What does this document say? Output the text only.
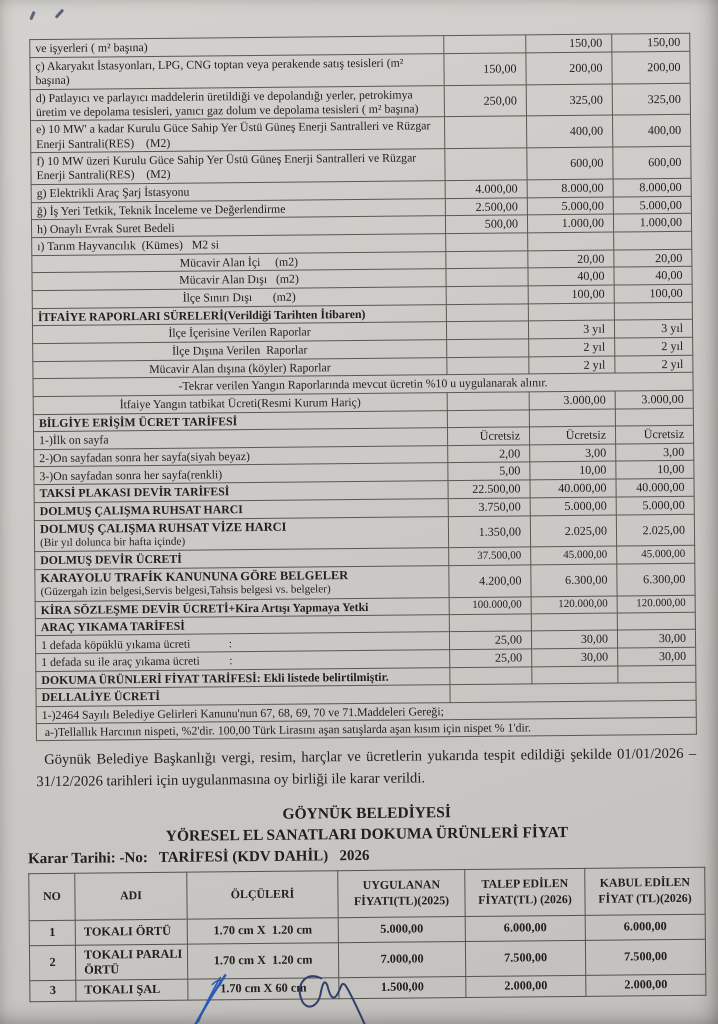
ve işyerleri ( m² başına)		150,00	150,00
ç) Akaryakıt İstasyonları, LPG, CNG toptan veya perakende satış tesisleri (m² başına)	150,00	200,00	200,00
d) Patlayıcı ve parlayıcı maddelerin üretildiği ve depolandığı yerler, petrokimya üretim ve depolama tesisleri, yanıcı gaz dolum ve depolama tesisleri ( m² başına)	250,00	325,00	325,00
e) 10 MW' a kadar Kurulu Güce Sahip Yer Üstü Güneş Enerji Santralleri ve Rüzgar Enerji Santrali(RES)    (M2)		400,00	400,00
f) 10 MW üzeri Kurulu Güce Sahip Yer Üstü Güneş Enerji Santralleri ve Rüzgar Enerji Santrali(RES)    (M2)		600,00	600,00
g) Elektrikli Araç Şarj İstasyonu	4.000,00	8.000,00	8.000,00
ğ) İş Yeri Tetkik, Teknik İnceleme ve Değerlendirme	2.500,00	5.000,00	5.000,00
h) Onaylı Evrak Suret Bedeli	500,00	1.000,00	1.000,00
ı) Tarım Hayvancılık  (Kümes)   M2 si			
Mücavir Alan İçi     (m2)		20,00	20,00
Mücavir Alan Dışı   (m2)		40,00	40,00
İlçe Sınırı Dışı       (m2)		100,00	100,00
İTFAİYE RAPORLARI SÜRELERİ(Verildiği Tarihten İtibaren)			
İlçe İçerisine Verilen Raporlar		3 yıl	3 yıl
İlçe Dışına Verilen  Raporlar		2 yıl	2 yıl
Mücavir Alan dışına (köyler) Raporlar		2 yıl	2 yıl
-Tekrar verilen Yangın Raporlarında mevcut ücretin %10 u uygulanarak alınır.			
İtfaiye Yangın tatbikat Ücreti(Resmi Kurum Hariç)		3.000,00	3.000,00
BİLGİYE ERİŞİM ÜCRET TARİFESİ			
1-)İlk on sayfa	Ücretsiz	Ücretsiz	Ücretsiz
2-)On sayfadan sonra her sayfa(siyah beyaz)	2,00	3,00	3,00
3-)On sayfadan sonra her sayfa(renkli)	5,00	10,00	10,00
TAKSİ PLAKASI DEVİR TARİFESİ	22.500,00	40.000,00	40.000,00
DOLMUŞ ÇALIŞMA RUHSAT HARCI	3.750,00	5.000,00	5.000,00

DOLMUŞ ÇALIŞMA RUHSAT VİZE HARCI
(Bir yıl dolunca bir hafta içinde)	1.350,00	2.025,00	2.025,00
DOLMUŞ DEVİR ÜCRETİ	37.500,00	45.000,00	45.000,00

KARAYOLU TRAFİK KANUNUNA GÖRE BELGELER
(Güzergah izin belgesi,Servis belgesi,Tahsis belgesi vs. belgeler)	4.200,00	6.300,00	6.300,00
KİRA SÖZLEŞME DEVİR ÜCRETİ+Kira Artışı Yapmaya Yetki	100.000,00	120.000,00	120.000,00
ARAÇ YIKAMA TARİFESİ			
1 defada köpüklü yıkama ücreti             :	25,00	30,00	30,00
1 defada su ile araç yıkama ücreti          :	25,00	30,00	30,00
DOKUMA ÜRÜNLERİ FİYAT TARİFESİ: Ekli listede belirtilmiştir.			
DELLALİYE ÜCRETİ			
1-)2464 Sayılı Belediye Gelirleri Kanunu'nun 67, 68, 69, 70 ve 71.Maddeleri Gereği;			
a-)Tellallık Harcının nispeti, %2'dir. 100,00 Türk Lirasını aşan satışlarda aşan kısım için nispet % 1'dir.			
Göynük Belediye Başkanlığı vergi, resim, harçlar ve ücretlerin yukarıda tespit edildiği şekilde 01/01/2026 – 31/12/2026 tarihleri için uygulanmasına oy birliği ile karar verildi.
GÖYNÜK BELEDİYESİ
YÖRESEL EL SANATLARI DOKUMA ÜRÜNLERİ FİYAT
Karar Tarihi: -No:   TARİFESİ (KDV DAHİL)   2026
NO	ADI	ÖLÇÜLERİ	UYGULANAN FİYATI(TL)(2025)	TALEP EDİLEN FİYAT(TL) (2026)	KABUL EDİLEN FİYAT (TL)(2026)
1	TOKALI ÖRTÜ	1.70 cm X  1.20 cm	5.000,00	6.000,00	6.000,00
2	TOKALI PARALI ÖRTÜ	1.70 cm X  1.20 cm	7.000,00	7.500,00	7.500,00
3	TOKALI ŞAL	1.70 cm X 60 cm	1.500,00	2.000,00	2.000,00
